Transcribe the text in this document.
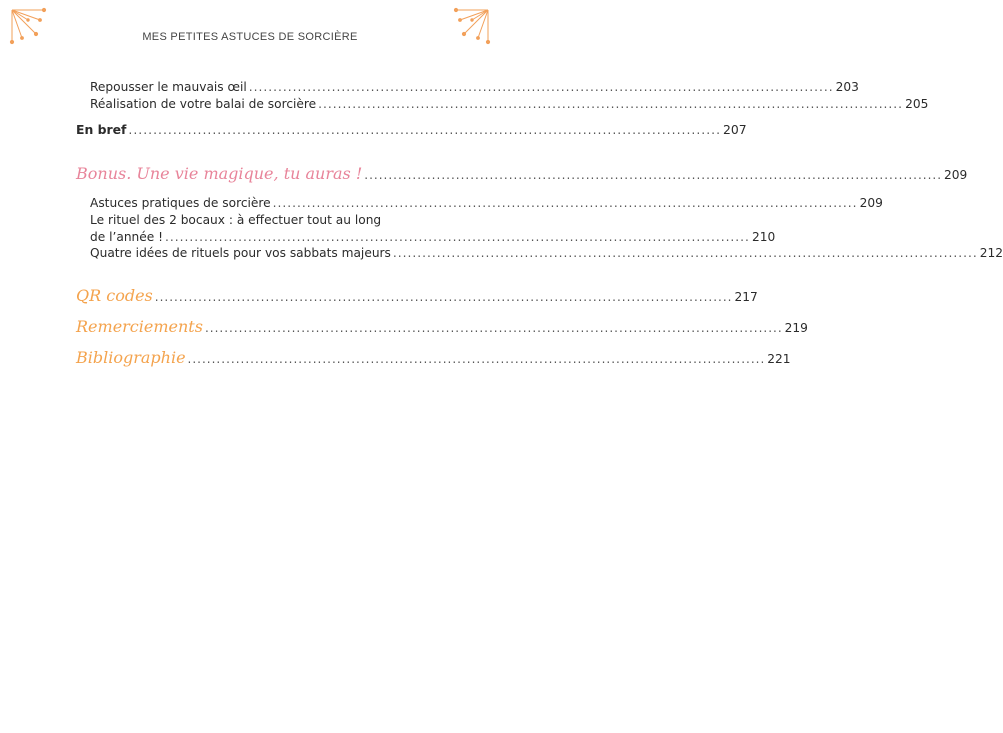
MES PETITES ASTUCES DE SORCIÈRE
Repousser le mauvais œil ........................................................................................................................ 203
Réalisation de votre balai de sorcière ........................................................................................................................ 205
En bref ........................................................................................................................ 207
Bonus. Une vie magique, tu auras ! ........................................................................................................................ 209
Astuces pratiques de sorcière ........................................................................................................................ 209
Le rituel des 2 bocaux : à effectuer tout au long
de l’année ! ........................................................................................................................ 210
Quatre idées de rituels pour vos sabbats majeurs ........................................................................................................................ 212
QR codes ........................................................................................................................ 217
Remerciements ........................................................................................................................ 219
Bibliographie ........................................................................................................................ 221
